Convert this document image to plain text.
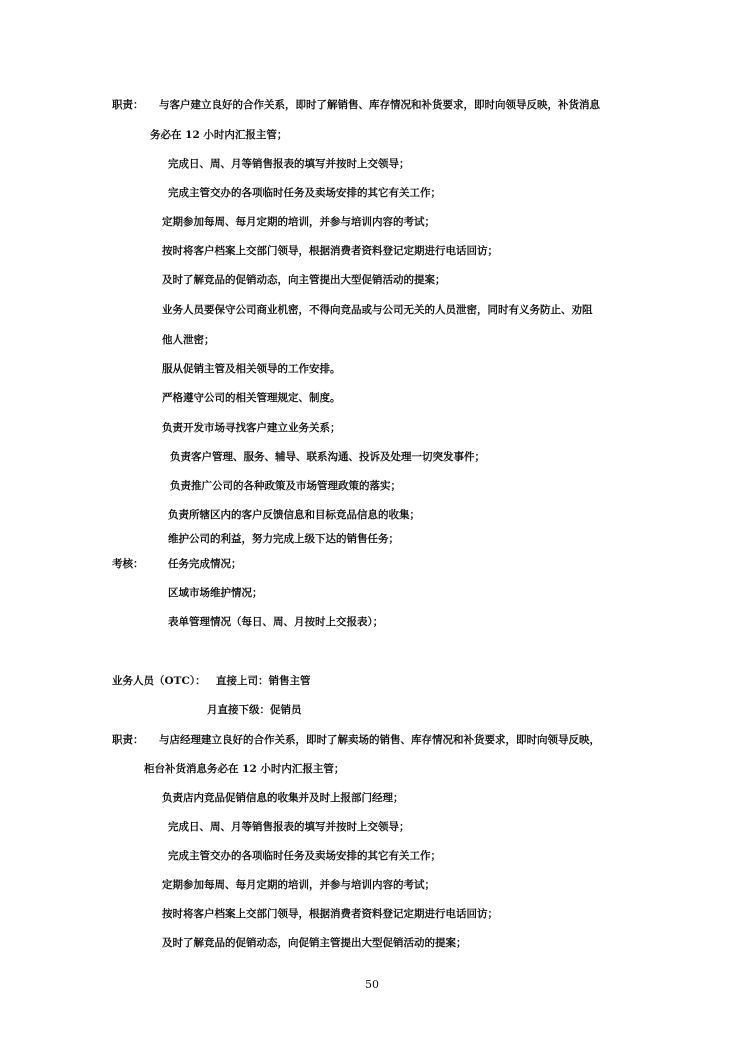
职责： 与客户建立良好的合作关系，即时了解销售、库存情况和补货要求，即时向领导反映，补货消息
务必在 12 小时内汇报主管；
完成日、周、月等销售报表的填写并按时上交领导；
完成主管交办的各项临时任务及卖场安排的其它有关工作；
定期参加每周、每月定期的培训，并参与培训内容的考试；
按时将客户档案上交部门领导，根据消费者资料登记定期进行电话回访；
及时了解竞品的促销动态，向主管提出大型促销活动的提案；
业务人员要保守公司商业机密，不得向竞品或与公司无关的人员泄密，同时有义务防止、劝阻
他人泄密；
服从促销主管及相关领导的工作安排。
严格遵守公司的相关管理规定、制度。
负责开发市场寻找客户建立业务关系；
负责客户管理、服务、辅导、联系沟通、投诉及处理一切突发事件；
负责推广公司的各种政策及市场管理政策的落实；
负责所辖区内的客户反馈信息和目标竞品信息的收集；
维护公司的利益，努力完成上级下达的销售任务；
考核： 任务完成情况；
区域市场维护情况；
表单管理情况（每日、周、月按时上交报表）；
业务人员（OTC）： 直接上司：销售主管
月直接下级：促销员
职责： 与店经理建立良好的合作关系，即时了解卖场的销售、库存情况和补货要求，即时向领导反映，
柜台补货消息务必在 12 小时内汇报主管；
负责店内竞品促销信息的收集并及时上报部门经理；
完成日、周、月等销售报表的填写并按时上交领导；
完成主管交办的各项临时任务及卖场安排的其它有关工作；
定期参加每周、每月定期的培训，并参与培训内容的考试；
按时将客户档案上交部门领导，根据消费者资料登记定期进行电话回访；
及时了解竞品的促销动态，向促销主管提出大型促销活动的提案；
50
